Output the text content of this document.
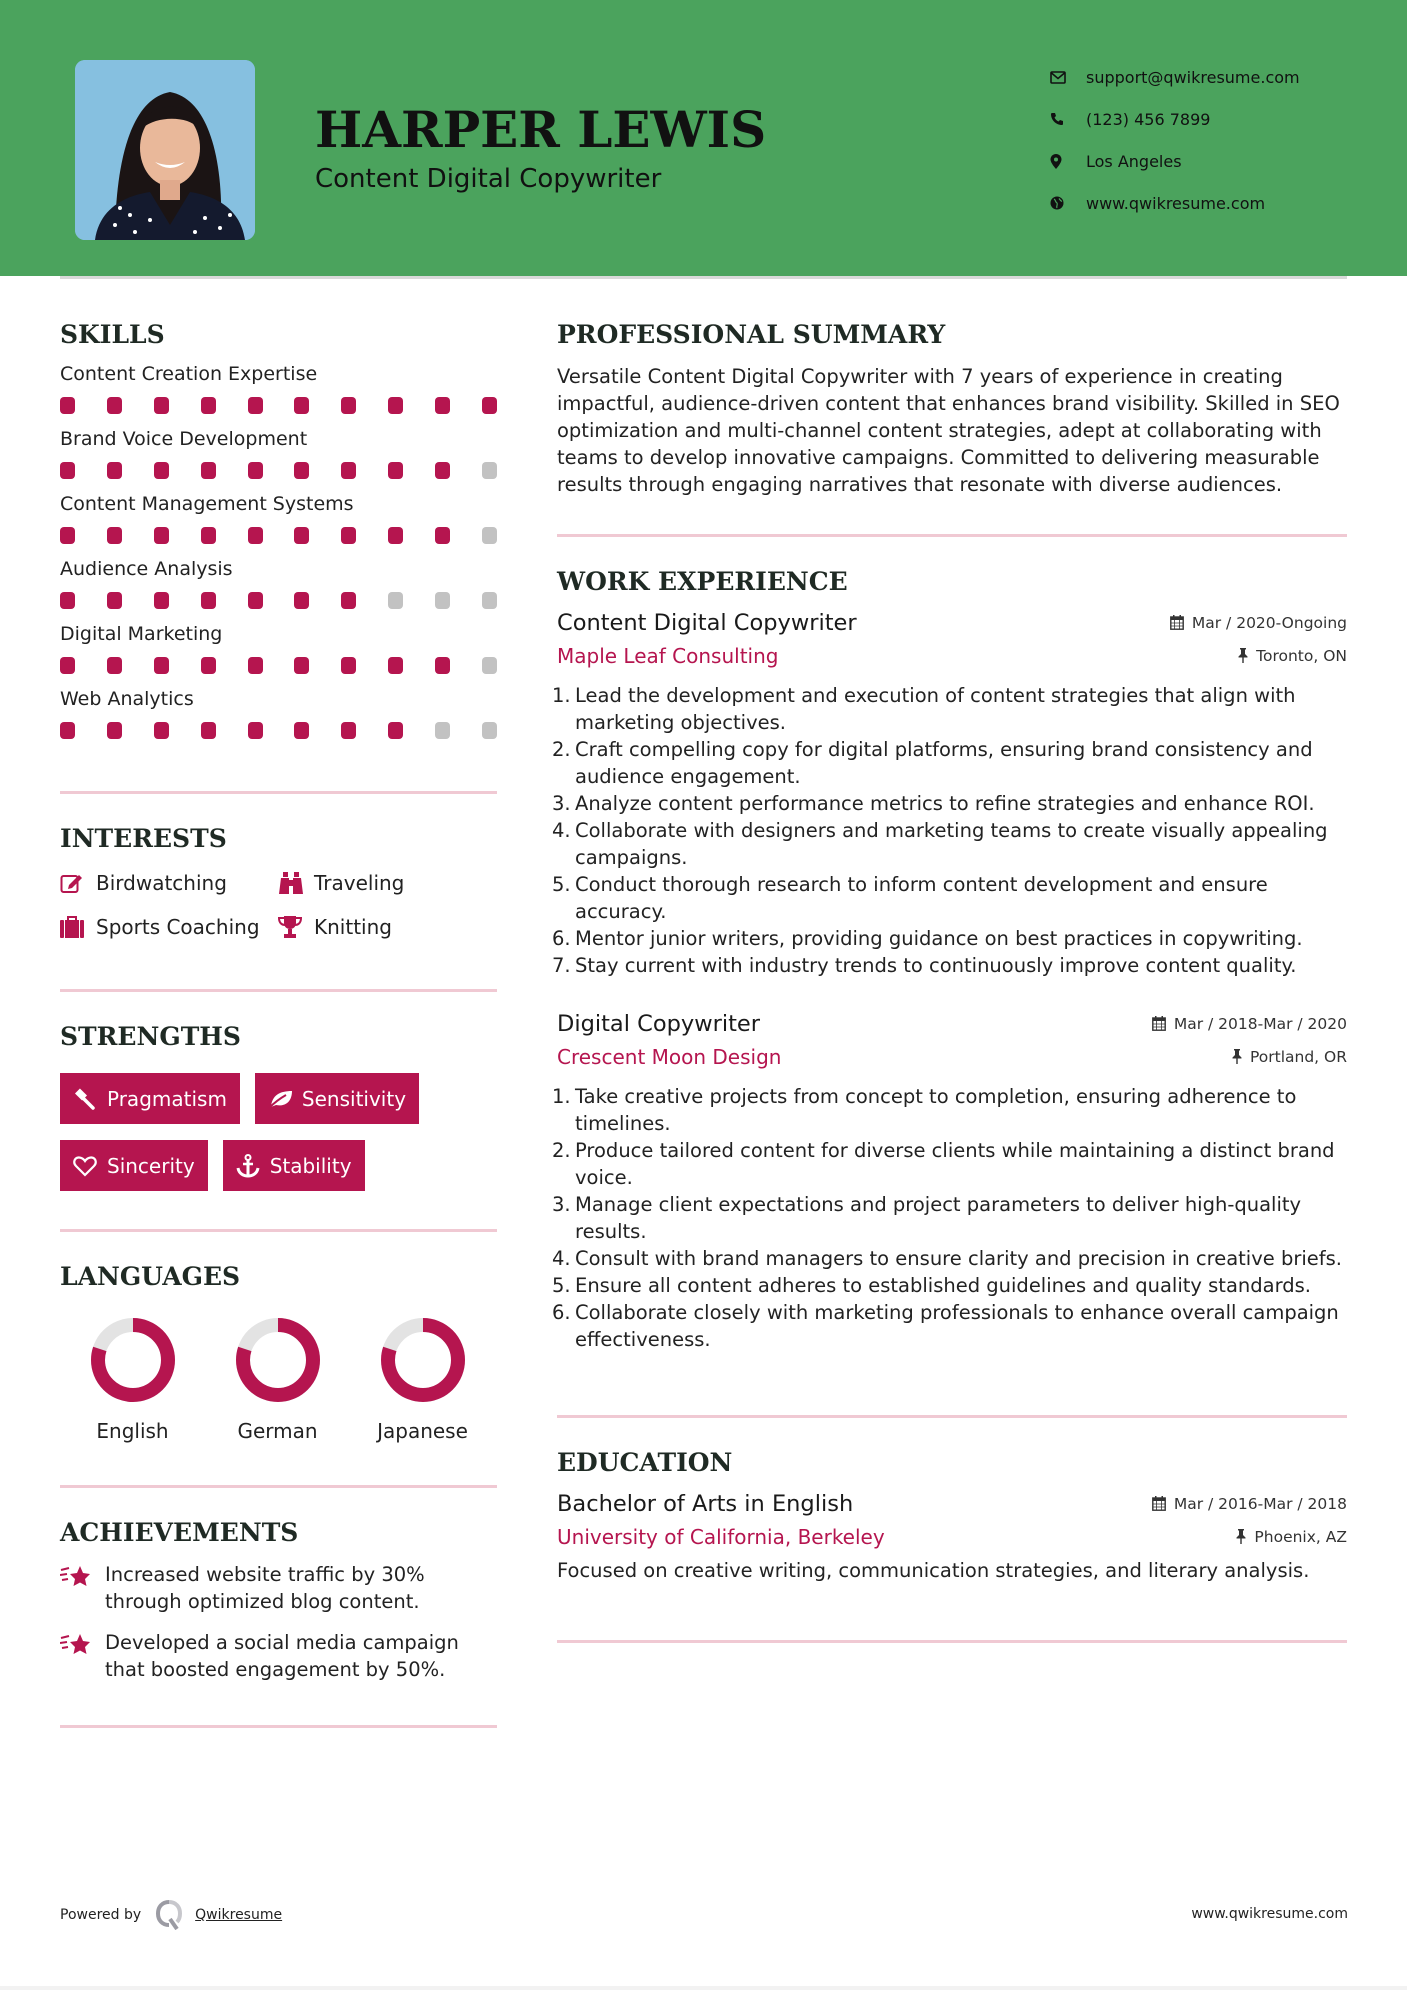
HARPER LEWIS
Content Digital Copywriter
support@qwikresume.com
(123) 456 7899
Los Angeles
www.qwikresume.com
SKILLS
Content Creation Expertise
Brand Voice Development
Content Management Systems
Audience Analysis
Digital Marketing
Web Analytics
INTERESTS
Birdwatching	Traveling
Sports Coaching	Knitting
STRENGTHS
Pragmatism	Sensitivity
Sincerity	Stability
LANGUAGES
English	German	Japanese
ACHIEVEMENTS
Increased website traffic by 30% through optimized blog content.
Developed a social media campaign that boosted engagement by 50%.
PROFESSIONAL SUMMARY

Versatile Content Digital Copywriter with 7 years of experience in creating impactful, audience-driven content that enhances brand visibility. Skilled in SEO optimization and multi-channel content strategies, adept at collaborating with teams to develop innovative campaigns. Committed to delivering measurable results through engaging narratives that resonate with diverse audiences.

WORK EXPERIENCE
Content Digital Copywriter	Mar / 2020-Ongoing
Maple Leaf Consulting	Toronto, ON
1. Lead the development and execution of content strategies that align with marketing objectives.
2. Craft compelling copy for digital platforms, ensuring brand consistency and audience engagement.
3. Analyze content performance metrics to refine strategies and enhance ROI.
4. Collaborate with designers and marketing teams to create visually appealing campaigns.
5. Conduct thorough research to inform content development and ensure accuracy.
6. Mentor junior writers, providing guidance on best practices in copywriting.
7. Stay current with industry trends to continuously improve content quality.
Digital Copywriter	Mar / 2018-Mar / 2020
Crescent Moon Design	Portland, OR
1. Take creative projects from concept to completion, ensuring adherence to timelines.
2. Produce tailored content for diverse clients while maintaining a distinct brand voice.
3. Manage client expectations and project parameters to deliver high-quality results.
4. Consult with brand managers to ensure clarity and precision in creative briefs.
5. Ensure all content adheres to established guidelines and quality standards.
6. Collaborate closely with marketing professionals to enhance overall campaign effectiveness.
EDUCATION
Bachelor of Arts in English	Mar / 2016-Mar / 2018
University of California, Berkeley	Phoenix, AZ

Focused on creative writing, communication strategies, and literary analysis.

Powered by	Qwikresume	www.qwikresume.com
